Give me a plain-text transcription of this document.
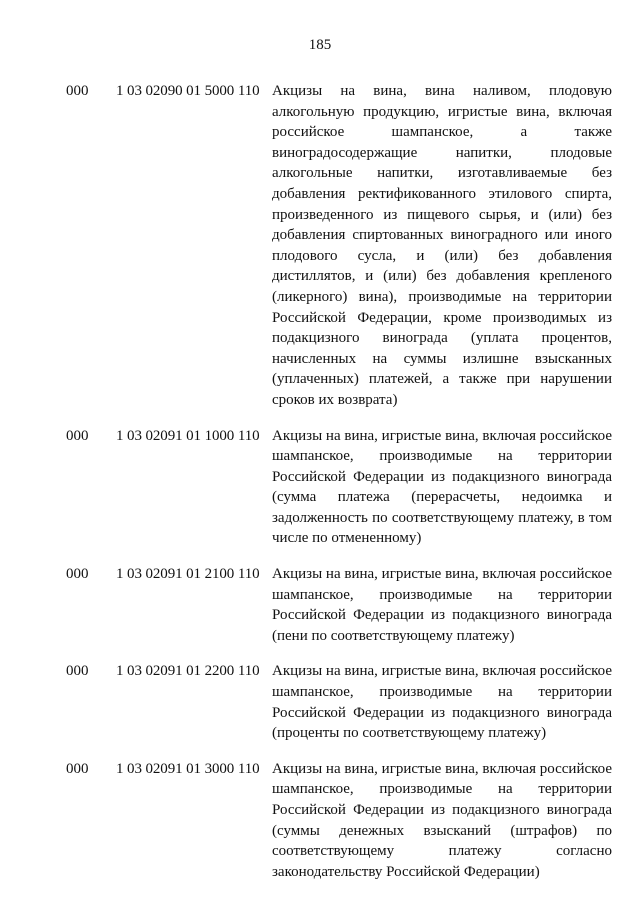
185
000 1 03 02090 01 5000 110 Акцизы на вина, вина наливом, плодовую алкогольную продукцию, игристые вина, включая российское шампанское, а также виноградосодержащие напитки, плодовые алкогольные напитки, изготавливаемые без добавления ректификованного этилового спирта, произведенного из пищевого сырья, и (или) без добавления спиртованных виноградного или иного плодового сусла, и (или) без добавления дистиллятов, и (или) без добавления крепленого (ликерного) вина), производимые на территории Российской Федерации, кроме производимых из подакцизного винограда (уплата процентов, начисленных на суммы излишне взысканных (уплаченных) платежей, а также при нарушении сроков их возврата)

000 1 03 02091 01 1000 110 Акцизы на вина, игристые вина, включая российское шампанское, производимые на территории Российской Федерации из подакцизного винограда (сумма платежа (перерасчеты, недоимка и задолженность по соответствующему платежу, в том числе по отмененному)

000 1 03 02091 01 2100 110 Акцизы на вина, игристые вина, включая российское шампанское, производимые на территории Российской Федерации из подакцизного винограда (пени по соответствующему платежу)

000 1 03 02091 01 2200 110 Акцизы на вина, игристые вина, включая российское шампанское, производимые на территории Российской Федерации из подакцизного винограда (проценты по соответствующему платежу)

000 1 03 02091 01 3000 110 Акцизы на вина, игристые вина, включая российское шампанское, производимые на территории Российской Федерации из подакцизного винограда (суммы денежных взысканий (штрафов) по соответствующему платежу согласно законодательству Российской Федерации)
